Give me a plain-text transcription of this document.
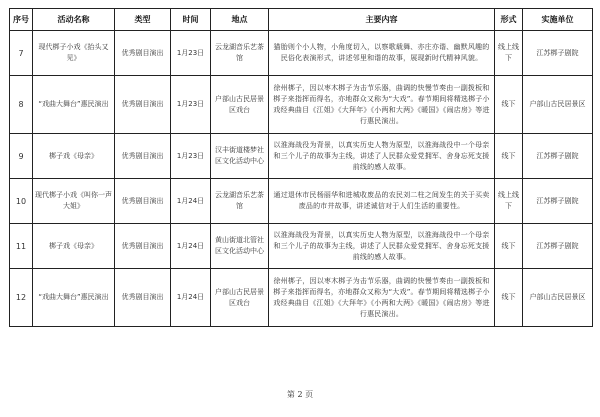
序号	活动名称	类型	时间	地点	主要内容	形式	实施单位
7	现代梆子小戏《抬头又见》	优秀剧目演出	1月23日	云龙湖音乐艺茶馆	猫胎则个小人物，小角度切入，以察歌载舞、亦庄亦谐、幽默风趣的民俗化表演形式，讲述邻里和谐的故事，展现新时代精神风貌。	线上线下	江苏梆子剧院
8	“戏曲大舞台”惠民演出	优秀剧目演出	1月23日	户部山古民居景区戏台	徐州梆子，因以枣木梆子为击节乐器，曲调的快慢节奏由一副拨板和梆子来指挥而得名，亦地群众又称为“大戏”。春节期间将精选梆子小戏经典曲目《江姐》《大拜年》《小两和大两》《暖国》《闹店房》等进行惠民演出。	线下	户部山古民居景区
9	梆子戏《母亲》	优秀剧目演出	1月23日	汉丰街道楼梦社区文化活动中心	以淮海战役为背景，以真实历史人物为原型，以淮海战役中一个母亲和三个儿子的故事为主线，讲述了人民群众爱党拥军、舍身忘死支援前线的感人故事。	线下	江苏梆子剧院
10	现代梆子小戏《叫你一声大姐》	优秀剧目演出	1月24日	云龙湖音乐艺茶馆	通过退休市民杨丽华和进城收废品的农民刘二柱之间发生的关于买卖废品的市井故事，讲述诚信对于人们生活的重要性。	线上线下	江苏梆子剧院
11	梆子戏《母亲》	优秀剧目演出	1月24日	黄山街道北管社区文化活动中心	以淮海战役为背景，以真实历史人物为原型，以淮海战役中一个母亲和三个儿子的故事为主线，讲述了人民群众爱党拥军、舍身忘死支援前线的感人故事。	线下	江苏梆子剧院
12	“戏曲大舞台”惠民演出	优秀剧目演出	1月24日	户部山古民居景区戏台	徐州梆子，因以枣木梆子为击节乐器，曲调的快慢节奏由一副拨板和梆子来指挥而得名，亦地群众又称为“大戏”。春节期间将精选梆子小戏经典曲目《江姐》《大拜年》《小两和大两》《暖国》《闹店房》等进行惠民演出。	线下	户部山古民居景区
第 2 页
